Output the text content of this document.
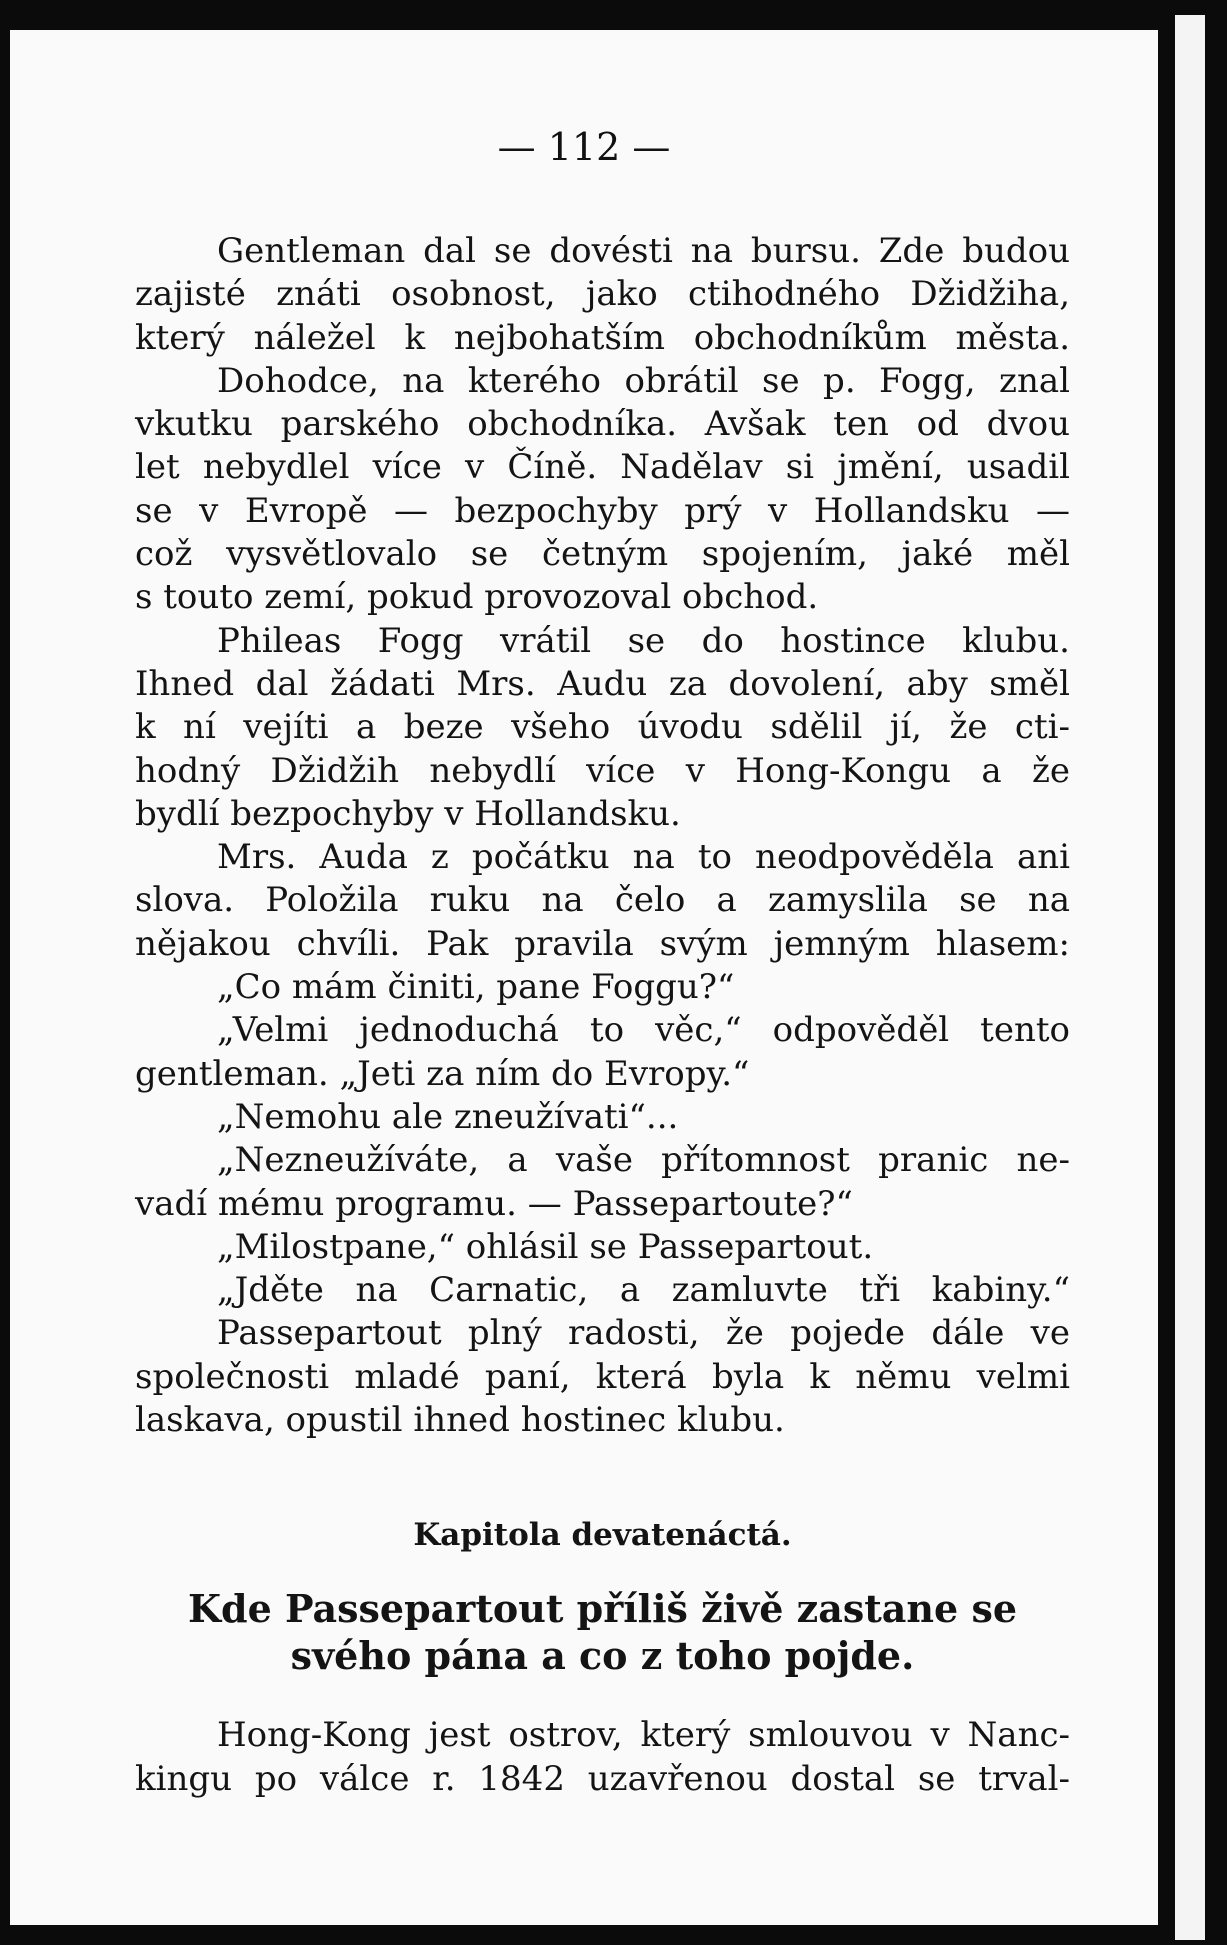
— 112 —
Gentleman dal se dovésti na bursu. Zde budou
zajisté znáti osobnost, jako ctihodného Džidžiha,
který náležel k nejbohatším obchodníkům města.
Dohodce, na kterého obrátil se p. Fogg, znal
vkutku parského obchodníka. Avšak ten od dvou
let nebydlel více v Číně. Nadělav si jmění, usadil
se v Evropě — bezpochyby prý v Hollandsku —
což vysvětlovalo se četným spojením, jaké měl
s touto zemí, pokud provozoval obchod.
Phileas Fogg vrátil se do hostince klubu.
Ihned dal žádati Mrs. Audu za dovolení, aby směl
k ní vejíti a beze všeho úvodu sdělil jí, že cti-
hodný Džidžih nebydlí více v Hong-Kongu a že
bydlí bezpochyby v Hollandsku.
Mrs. Auda z počátku na to neodpověděla ani
slova. Položila ruku na čelo a zamyslila se na
nějakou chvíli. Pak pravila svým jemným hlasem:
„Co mám činiti, pane Foggu?“
„Velmi jednoduchá to věc,“ odpověděl tento
gentleman. „Jeti za ním do Evropy.“
„Nemohu ale zneužívati“...
„Nezneužíváte, a vaše přítomnost pranic ne-
vadí mému programu. — Passepartoute?“
„Milostpane,“ ohlásil se Passepartout.
„Jděte na Carnatic, a zamluvte tři kabiny.“
Passepartout plný radosti, že pojede dále ve
společnosti mladé paní, která byla k němu velmi
laskava, opustil ihned hostinec klubu.
Kapitola devatenáctá.
Kde Passepartout příliš živě zastane se
svého pána a co z toho pojde.
Hong-Kong jest ostrov, který smlouvou v Nanc-
kingu po válce r. 1842 uzavřenou dostal se trval-
